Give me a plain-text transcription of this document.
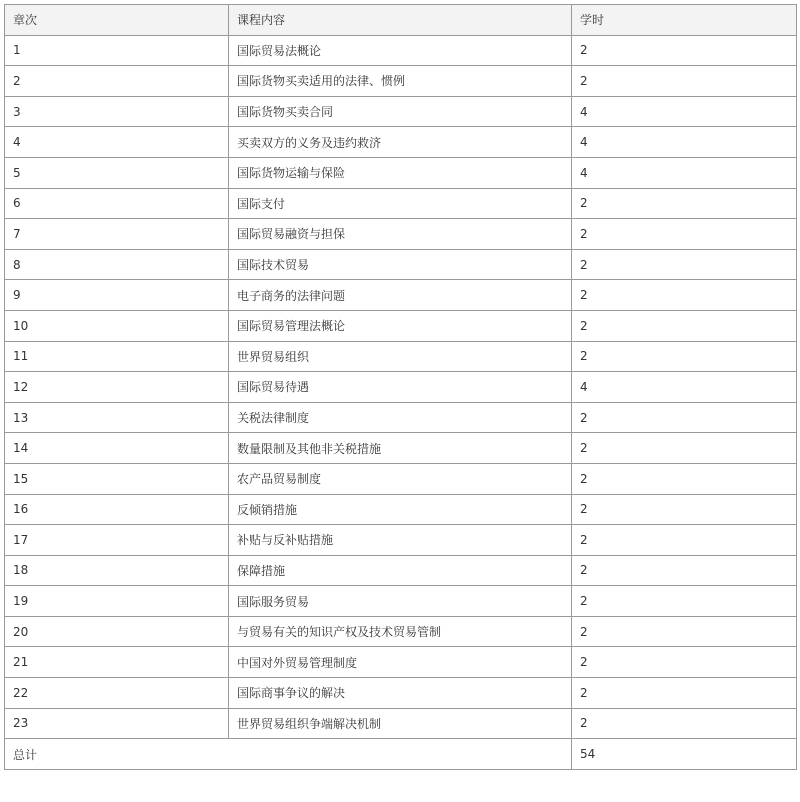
章次	课程内容	学时
1	国际贸易法概论	2
2	国际货物买卖适用的法律、惯例	2
3	国际货物买卖合同	4
4	买卖双方的义务及违约救济	4
5	国际货物运输与保险	4
6	国际支付	2
7	国际贸易融资与担保	2
8	国际技术贸易	2
9	电子商务的法律问题	2
10	国际贸易管理法概论	2
11	世界贸易组织	2
12	国际贸易待遇	4
13	关税法律制度	2
14	数量限制及其他非关税措施	2
15	农产品贸易制度	2
16	反倾销措施	2
17	补贴与反补贴措施	2
18	保障措施	2
19	国际服务贸易	2
20	与贸易有关的知识产权及技术贸易管制	2
21	中国对外贸易管理制度	2
22	国际商事争议的解决	2
23	世界贸易组织争端解决机制	2
总计		54
